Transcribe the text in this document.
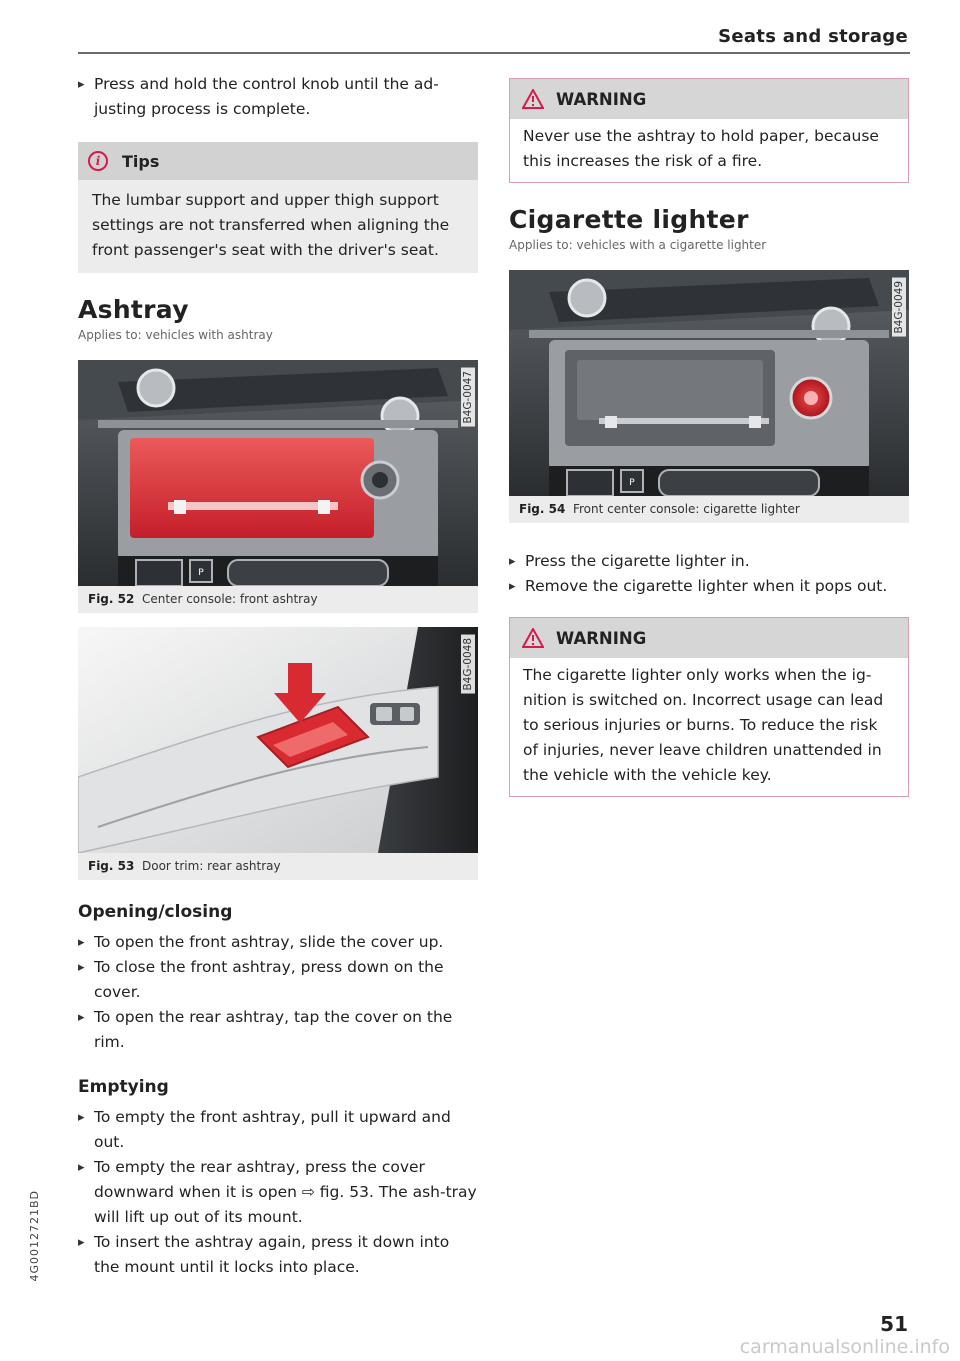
Seats and storage

▸ Press and hold the control knob until the ad-justing process is complete.

i	Tips

The lumbar support and upper thigh support settings are not transferred when aligning the front passenger's seat with the driver's seat.

Ashtray

Applies to: vehicles with ashtray

P
B4G-0047

Fig. 52 Center console: front ashtray

B4G-0048

Fig. 53 Door trim: rear ashtray

Opening/closing

▸ To open the front ashtray, slide the cover up.

▸ To close the front ashtray, press down on the cover.

▸ To open the rear ashtray, tap the cover on the rim.

Emptying

▸ To empty the front ashtray, pull it upward and out.

▸ To empty the rear ashtray, press the cover downward when it is open ⇨ fig. 53. The ash-tray will lift up out of its mount.

▸ To insert the ashtray again, press it down into the mount until it locks into place.

WARNING

Never use the ashtray to hold paper, because this increases the risk of a fire.

Cigarette lighter

Applies to: vehicles with a cigarette lighter

P
B4G-0049

Fig. 54 Front center console: cigarette lighter

▸ Press the cigarette lighter in.

▸ Remove the cigarette lighter when it pops out.

WARNING

The cigarette lighter only works when the ig-nition is switched on. Incorrect usage can lead to serious injuries or burns. To reduce the risk of injuries, never leave children unattended in the vehicle with the vehicle key.

4G0012721BD
51
carmanualsonline.info
